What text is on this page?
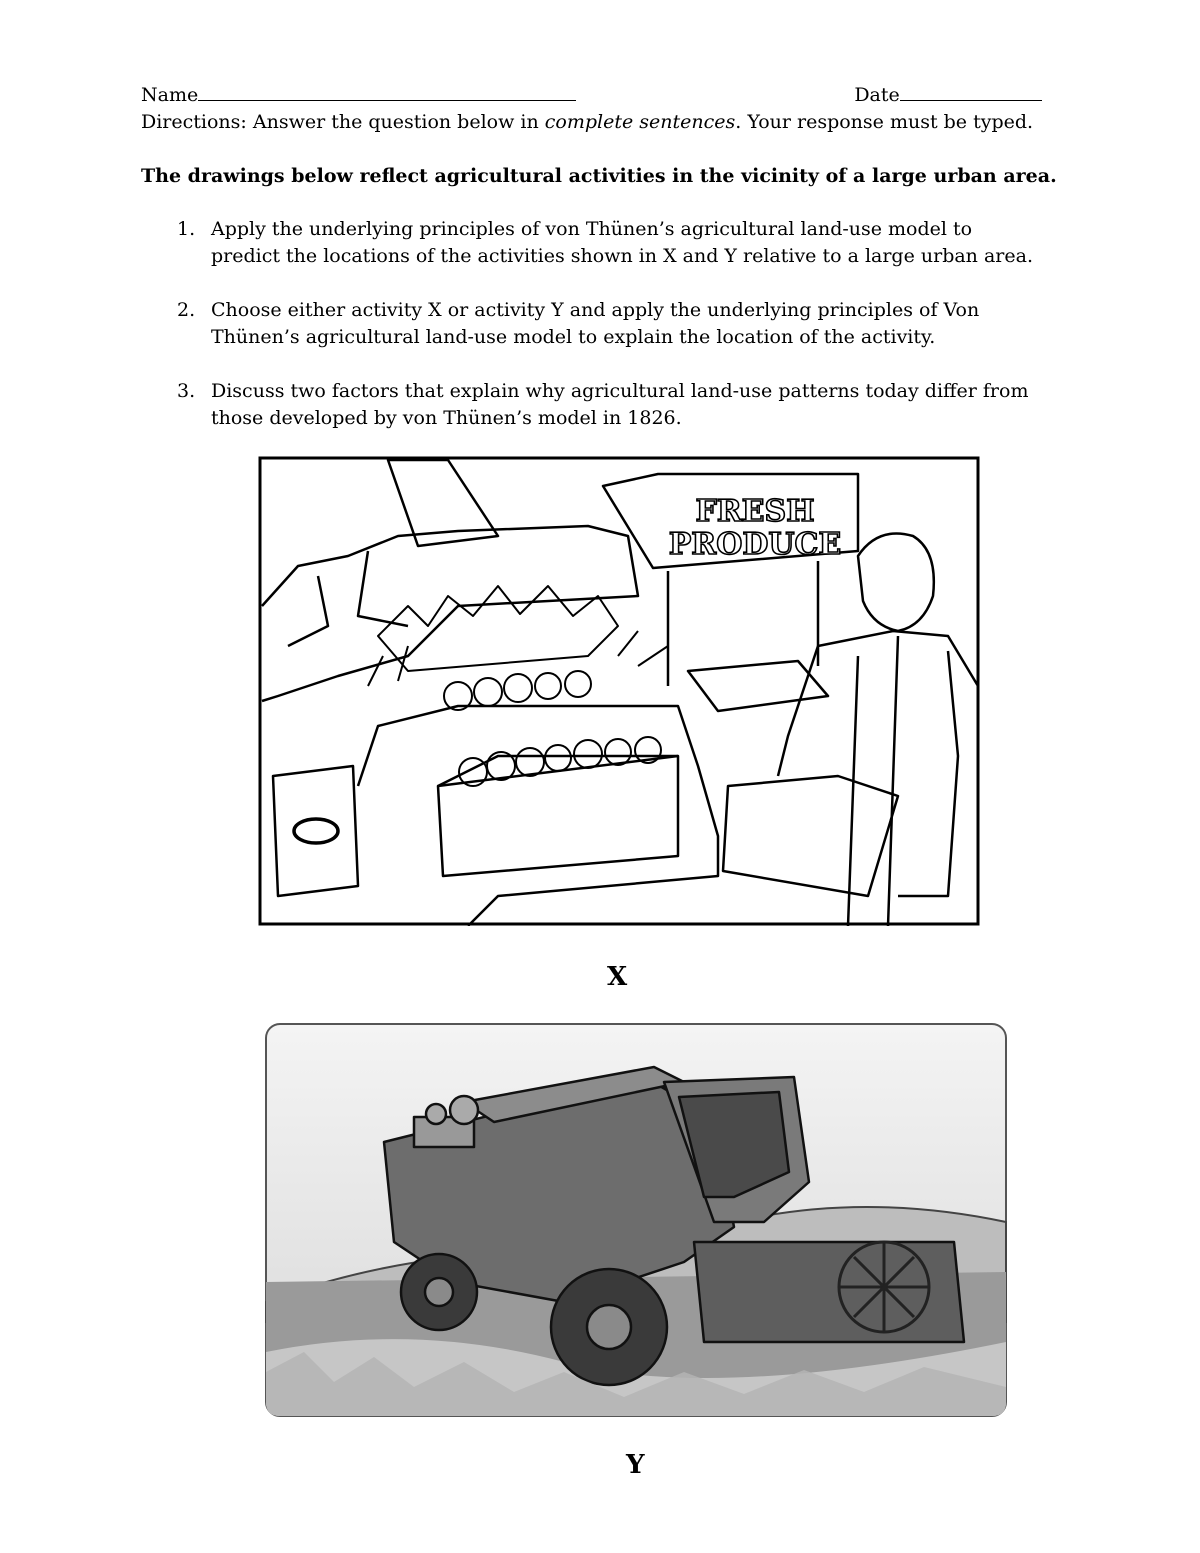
Name	Date
Directions: Answer the question below in complete sentences. Your response must be typed.
The drawings below reflect agricultural activities in the vicinity of a large urban area.
1. Apply the underlying principles of von Thünen’s agricultural land-use model to predict the locations of the activities shown in X and Y relative to a large urban area.
2. Choose either activity X or activity Y and apply the underlying principles of Von Thünen’s agricultural land-use model to explain the location of the activity.
3. Discuss two factors that explain why agricultural land-use patterns today differ from those developed by von Thünen’s model in 1826.
FRESH
PRODUCE
X
Y
